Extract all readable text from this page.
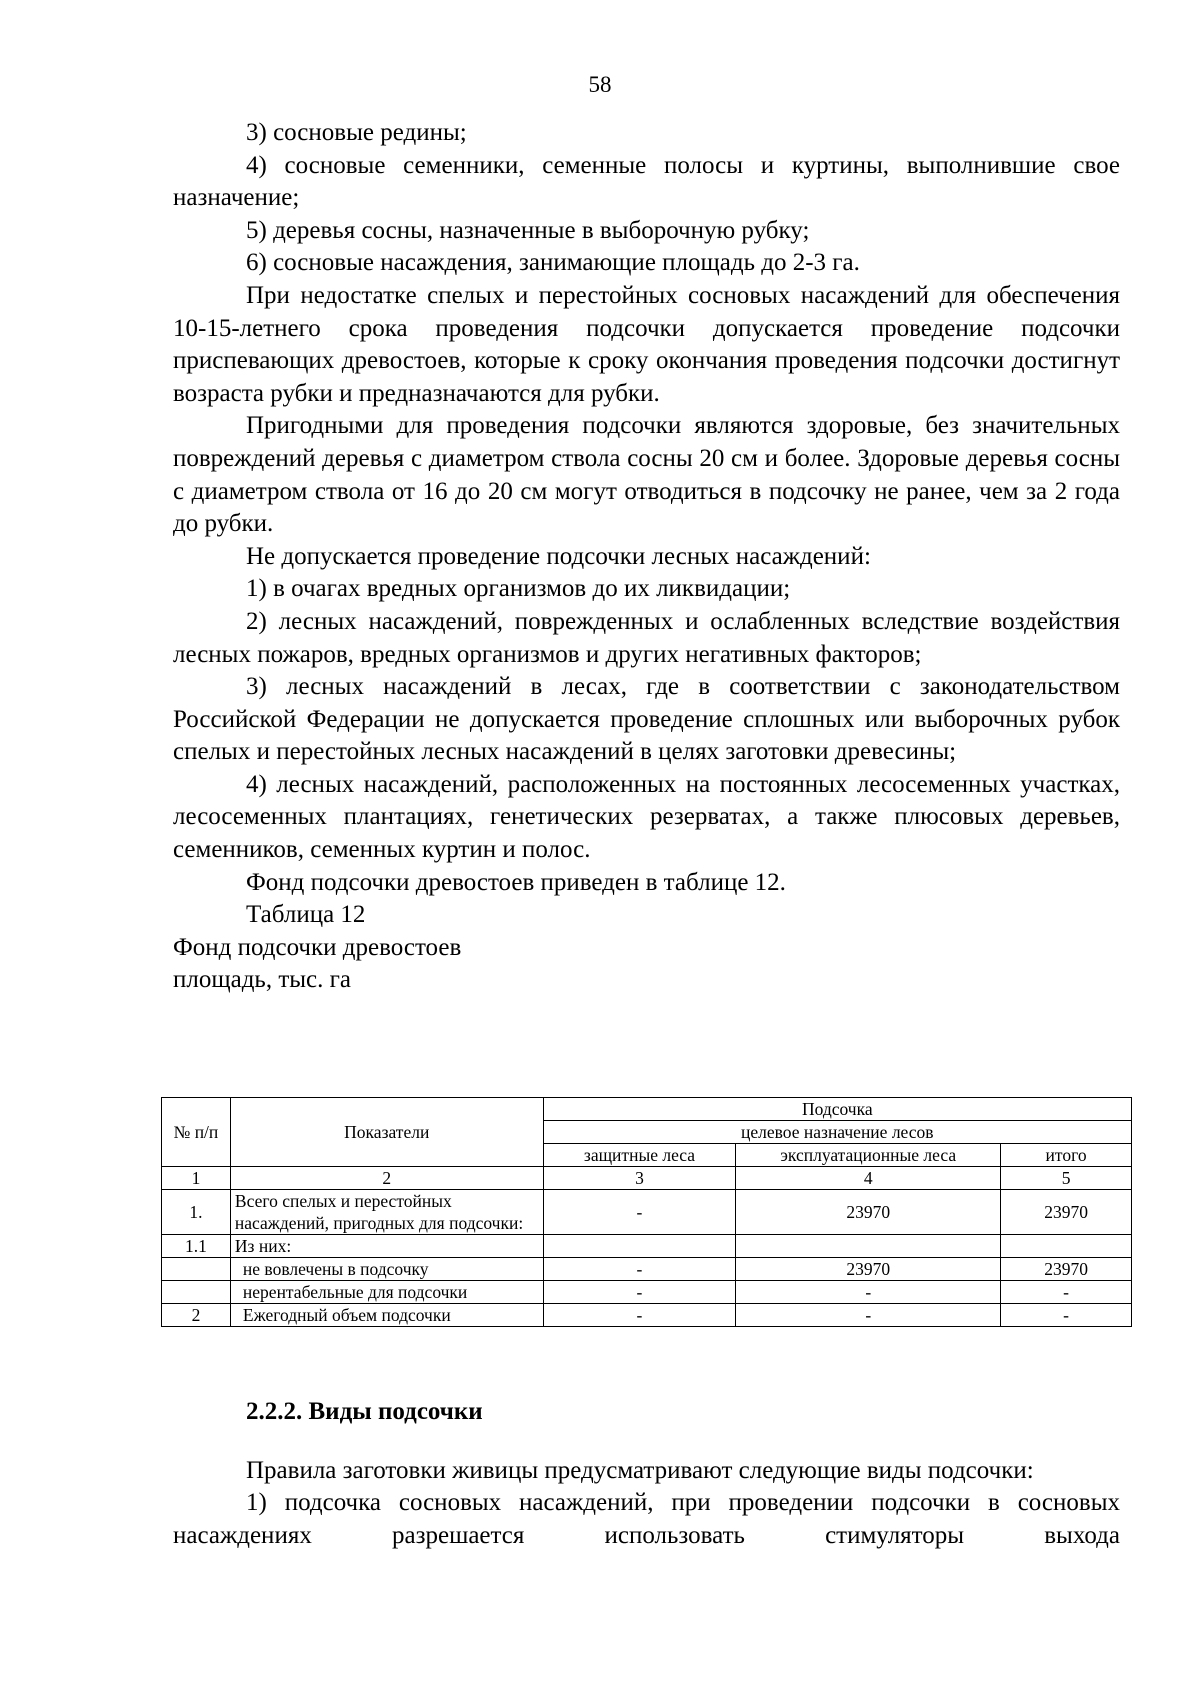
58

3) сосновые редины;

4) сосновые семенники, семенные полосы и куртины, выполнившие свое назначение;

5) деревья сосны, назначенные в выборочную рубку;

6) сосновые насаждения, занимающие площадь до 2-3 га.

При недостатке спелых и перестойных сосновых насаждений для обеспечения 10-15-летнего срока проведения подсочки допускается проведение подсочки приспевающих древостоев, которые к сроку окончания проведения подсочки достигнут возраста рубки и предназначаются для рубки.

Пригодными для проведения подсочки являются здоровые, без значительных повреждений деревья с диаметром ствола сосны 20 см и более. Здоровые деревья сосны с диаметром ствола от 16 до 20 см могут отводиться в подсочку не ранее, чем за 2 года до рубки.

Не допускается проведение подсочки лесных насаждений:

1) в очагах вредных организмов до их ликвидации;

2) лесных насаждений, поврежденных и ослабленных вследствие воздействия лесных пожаров, вредных организмов и других негативных факторов;

3) лесных насаждений в лесах, где в соответствии с законодательством Российской Федерации не допускается проведение сплошных или выборочных рубок спелых и перестойных лесных насаждений в целях заготовки древесины;

4) лесных насаждений, расположенных на постоянных лесосеменных участках, лесосеменных плантациях, генетических резерватах, а также плюсовых деревьев, семенников, семенных куртин и полос.

Фонд подсочки древостоев приведен в таблице 12.

Таблица 12

Фонд подсочки древостоев

площадь, тыс. га

№ п/п	Показатели	Подсочка		
		целевое назначение лесов		
		защитные леса	эксплуатационные леса	итого
1	2	3	4	5
1.	Всего спелых и перестойных насаждений, пригодных для подсочки:	-	23970	23970
1.1	Из них:			
	не вовлечены в подсочку	-	23970	23970
	нерентабельные для подсочки	-	-	-
2	Ежегодный объем подсочки	-	-	-
2.2.2. Виды подсочки

Правила заготовки живицы предусматривают следующие виды подсочки:

1) подсочка сосновых насаждений, при проведении подсочки в сосновых насаждениях разрешается использовать стимуляторы выхода
